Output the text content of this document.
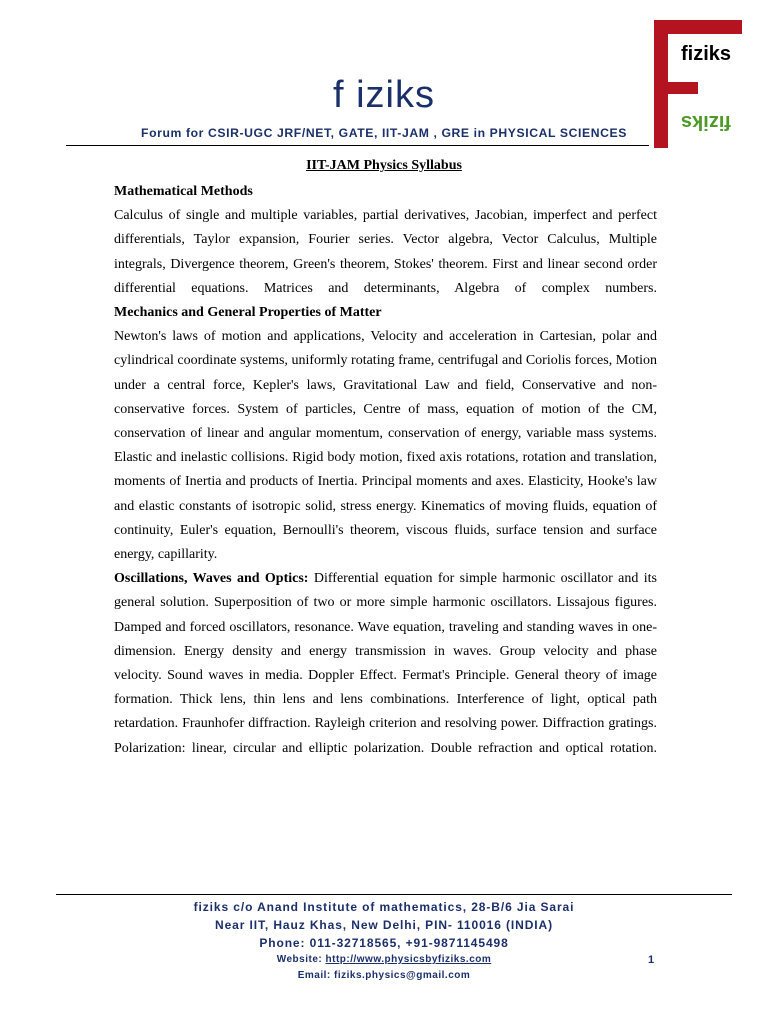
f iziks
Forum for CSIR-UGC JRF/NET, GATE, IIT-JAM , GRE in PHYSICAL SCIENCES
fiziks
fiziks
IIT-JAM Physics Syllabus
Mathematical Methods

Calculus of single and multiple variables, partial derivatives, Jacobian, imperfect and perfect differentials, Taylor expansion, Fourier series. Vector algebra, Vector Calculus, Multiple integrals, Divergence theorem, Green's theorem, Stokes' theorem. First and linear second order differential equations. Matrices and determinants, Algebra of complex numbers.

Mechanics and General Properties of Matter

Newton's laws of motion and applications, Velocity and acceleration in Cartesian, polar and cylindrical coordinate systems, uniformly rotating frame, centrifugal and Coriolis forces, Motion under a central force, Kepler's laws, Gravitational Law and field, Conservative and non-conservative forces. System of particles, Centre of mass, equation of motion of the CM, conservation of linear and angular momentum, conservation of energy, variable mass systems. Elastic and inelastic collisions. Rigid body motion, fixed axis rotations, rotation and translation, moments of Inertia and products of Inertia. Principal moments and axes. Elasticity, Hooke's law and elastic constants of isotropic solid, stress energy. Kinematics of moving fluids, equation of continuity, Euler's equation, Bernoulli's theorem, viscous fluids, surface tension and surface energy, capillarity.

Oscillations, Waves and Optics: Differential equation for simple harmonic oscillator and its general solution. Superposition of two or more simple harmonic oscillators. Lissajous figures. Damped and forced oscillators, resonance. Wave equation, traveling and standing waves in one-dimension. Energy density and energy transmission in waves. Group velocity and phase velocity. Sound waves in media. Doppler Effect. Fermat's Principle. General theory of image formation. Thick lens, thin lens and lens combinations. Interference of light, optical path retardation. Fraunhofer diffraction. Rayleigh criterion and resolving power. Diffraction gratings. Polarization: linear, circular and elliptic polarization. Double refraction and optical rotation.

fiziks c/o Anand Institute of mathematics, 28-B/6 Jia Sarai
Near IIT, Hauz Khas, New Delhi, PIN- 110016 (INDIA)
Phone: 011-32718565, +91-9871145498
Website: http://www.physicsbyfiziks.com
Email: fiziks.physics@gmail.com
1
